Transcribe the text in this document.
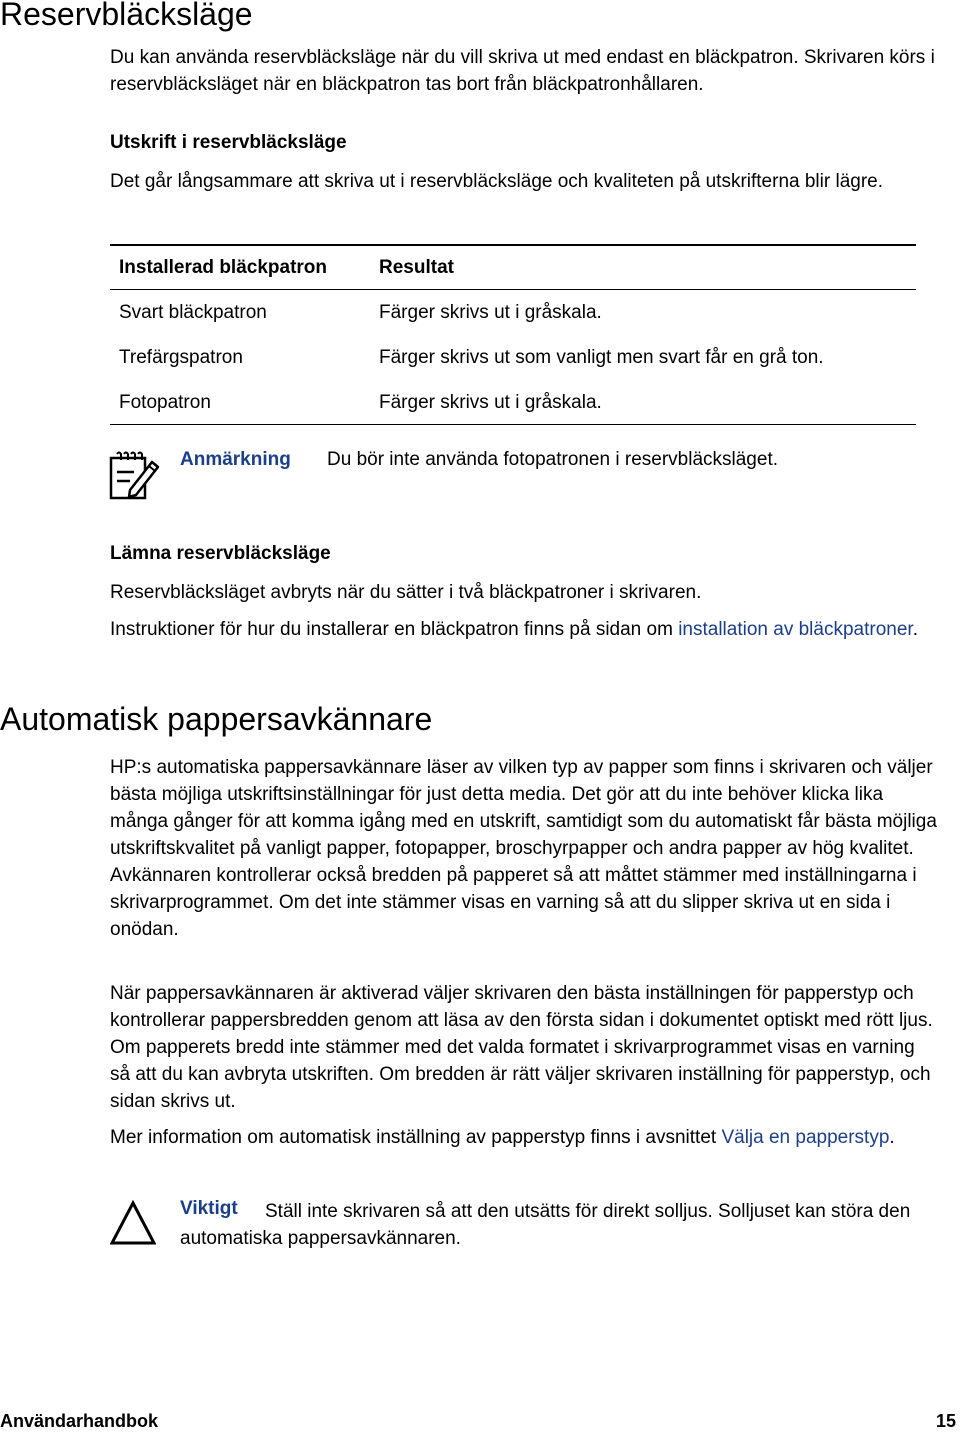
Reservbläcksläge

Du kan använda reservbläcksläge när du vill skriva ut med endast en bläckpatron. Skrivaren körs i reservbläcksläget när en bläckpatron tas bort från bläckpatronhållaren.

Utskrift i reservbläcksläge

Det går långsammare att skriva ut i reservbläcksläge och kvaliteten på utskrifterna blir lägre.

Installerad bläckpatron	Resultat
Svart bläckpatron	Färger skrivs ut i gråskala.
Trefärgspatron	Färger skrivs ut som vanligt men svart får en grå ton.
Fotopatron	Färger skrivs ut i gråskala.
Anmärkning Du bör inte använda fotopatronen i reservbläcksläget.
Lämna reservbläcksläge

Reservbläcksläget avbryts när du sätter i två bläckpatroner i skrivaren.

Instruktioner för hur du installerar en bläckpatron finns på sidan om installation av bläckpatroner.

Automatisk pappersavkännare

HP:s automatiska pappersavkännare läser av vilken typ av papper som finns i skrivaren och väljer bästa möjliga utskriftsinställningar för just detta media. Det gör att du inte behöver klicka lika många gånger för att komma igång med en utskrift, samtidigt som du automatiskt får bästa möjliga utskriftskvalitet på vanligt papper, fotopapper, broschyrpapper och andra papper av hög kvalitet. Avkännaren kontrollerar också bredden på papperet så att måttet stämmer med inställningarna i skrivarprogrammet. Om det inte stämmer visas en varning så att du slipper skriva ut en sida i onödan.

När pappersavkännaren är aktiverad väljer skrivaren den bästa inställningen för papperstyp och kontrollerar pappersbredden genom att läsa av den första sidan i dokumentet optiskt med rött ljus. Om papperets bredd inte stämmer med det valda formatet i skrivarprogrammet visas en varning så att du kan avbryta utskriften. Om bredden är rätt väljer skrivaren inställning för papperstyp, och sidan skrivs ut.

Mer information om automatisk inställning av papperstyp finns i avsnittet Välja en papperstyp.

Viktigt	Ställ inte skrivaren så att den utsätts för direkt solljus. Solljuset kan störa den automatiska pappersavkännaren.

Användarhandbok	15
